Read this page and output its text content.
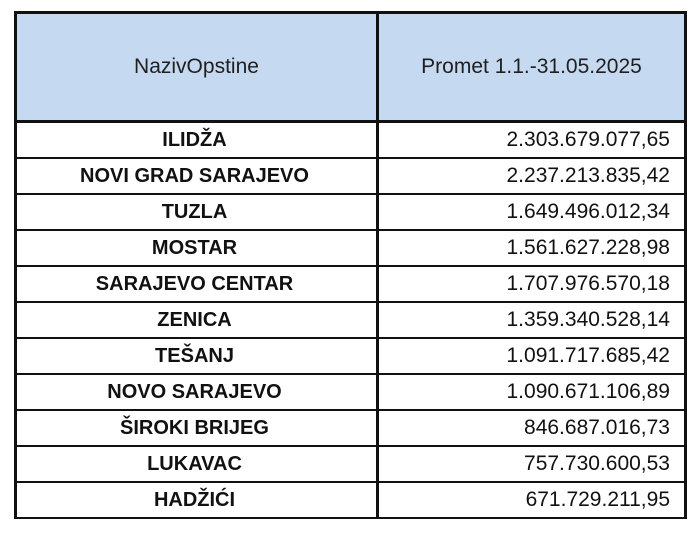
NazivOpstine	Promet 1.1.-31.05.2025
ILIDŽA	2.303.679.077,65
NOVI GRAD SARAJEVO	2.237.213.835,42
TUZLA	1.649.496.012,34
MOSTAR	1.561.627.228,98
SARAJEVO CENTAR	1.707.976.570,18
ZENICA	1.359.340.528,14
TEŠANJ	1.091.717.685,42
NOVO SARAJEVO	1.090.671.106,89
ŠIROKI BRIJEG	846.687.016,73
LUKAVAC	757.730.600,53
HADŽIĆI	671.729.211,95
